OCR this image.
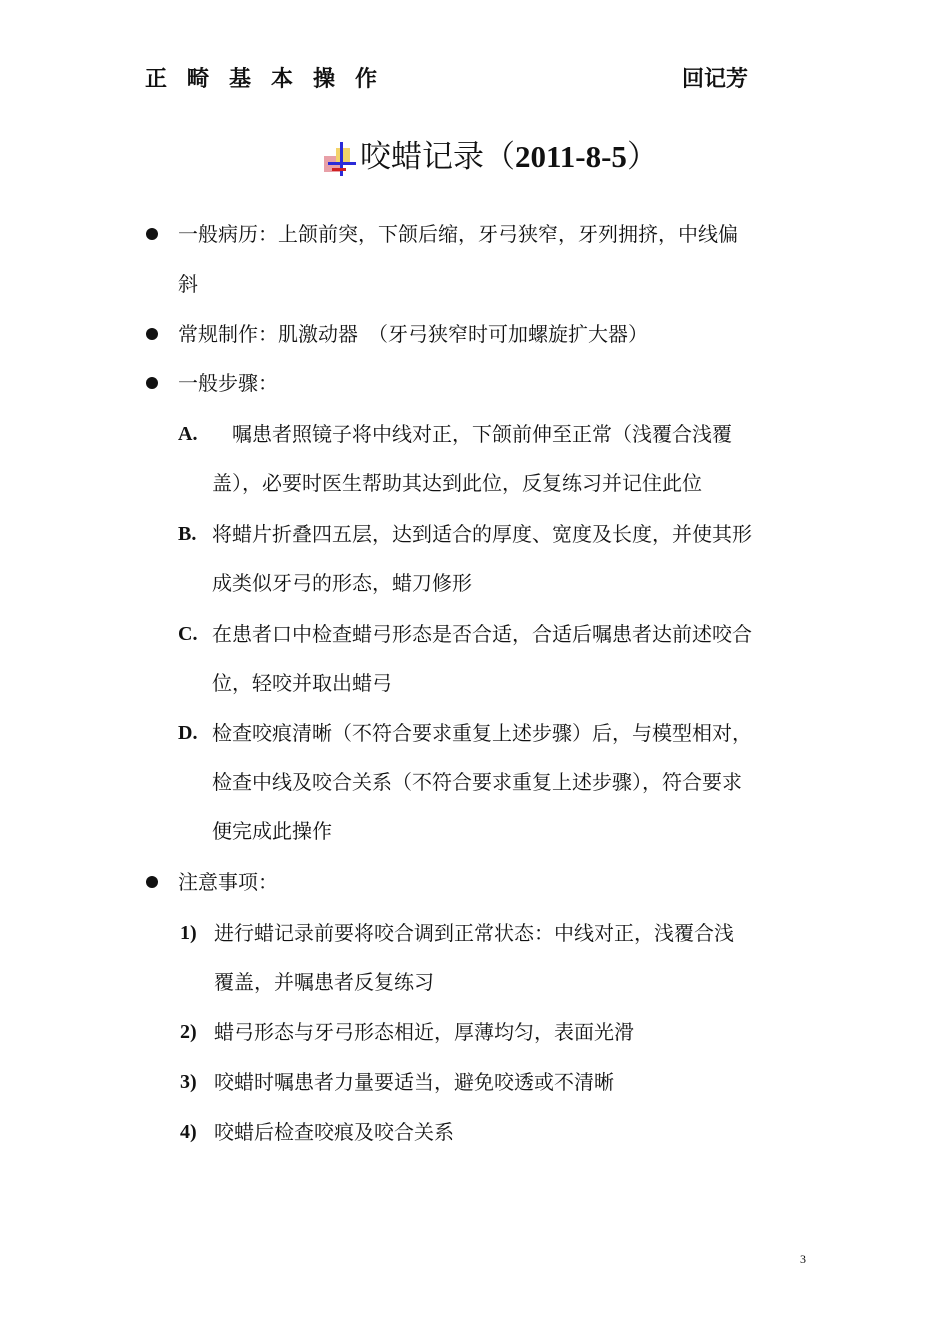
正畸基本操作	回记芳
咬蜡记录（2011-8-5）
一般病历：上颌前突，下颌后缩，牙弓狭窄，牙列拥挤，中线偏
斜
常规制作：肌激动器　（牙弓狭窄时可加螺旋扩大器）
一般步骤：
A. 　嘱患者照镜子将中线对正，下颌前伸至正常（浅覆合浅覆
盖），必要时医生帮助其达到此位，反复练习并记住此位
B. 将蜡片折叠四五层，达到适合的厚度、宽度及长度，并使其形
成类似牙弓的形态，蜡刀修形
C. 在患者口中检查蜡弓形态是否合适，合适后嘱患者达前述咬合
位，轻咬并取出蜡弓
D. 检查咬痕清晰（不符合要求重复上述步骤）后，与模型相对，
检查中线及咬合关系（不符合要求重复上述步骤），符合要求
便完成此操作
注意事项：
1) 进行蜡记录前要将咬合调到正常状态：中线对正，浅覆合浅
覆盖，并嘱患者反复练习
2) 蜡弓形态与牙弓形态相近，厚薄均匀，表面光滑
3) 咬蜡时嘱患者力量要适当，避免咬透或不清晰
4) 咬蜡后检查咬痕及咬合关系
3
